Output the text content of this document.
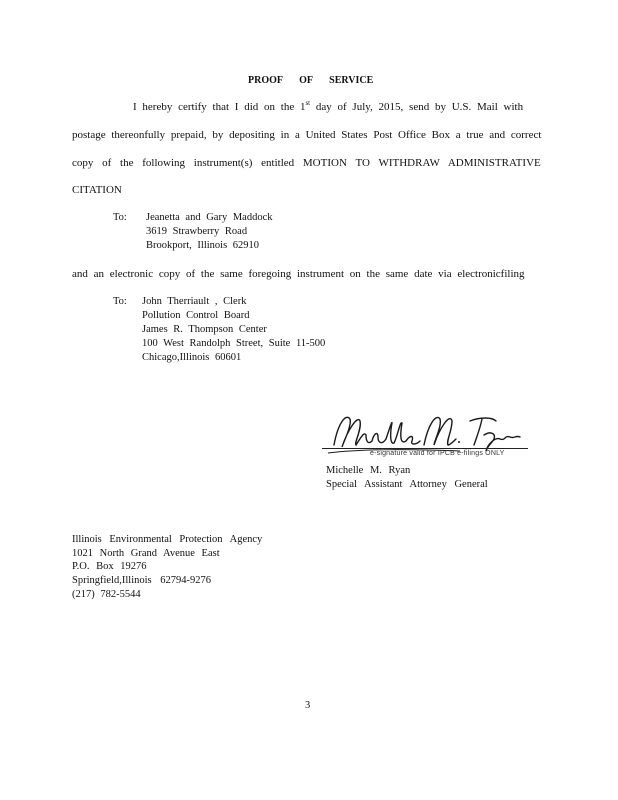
PROOF OF SERVICE
I hereby certify that I did on the 1st day of July, 2015, send by U.S. Mail with
postage thereonfully prepaid, by depositing in a United States Post Office Box a true and correct
copy of the following instrument(s) entitled MOTION TO WITHDRAW ADMINISTRATIVE
CITATION
To: Jeanetta and Gary Maddock
3619 Strawberry Road
Brookport, Illinois 62910
and an electronic copy of the same foregoing instrument on the same date via electronicfiling
To: John Therriault , Clerk
Pollution Control Board
James R. Thompson Center
100 West Randolph Street, Suite 11-500
Chicago,Illinois 60601
e-signature valid for IPCB e-filings ONLY
Michelle M. Ryan
Special Assistant Attorney General
Illinois Environmental Protection Agency
1021 North Grand Avenue East
P.O. Box 19276
Springfield,Illinois 62794-9276
(217) 782-5544
3
